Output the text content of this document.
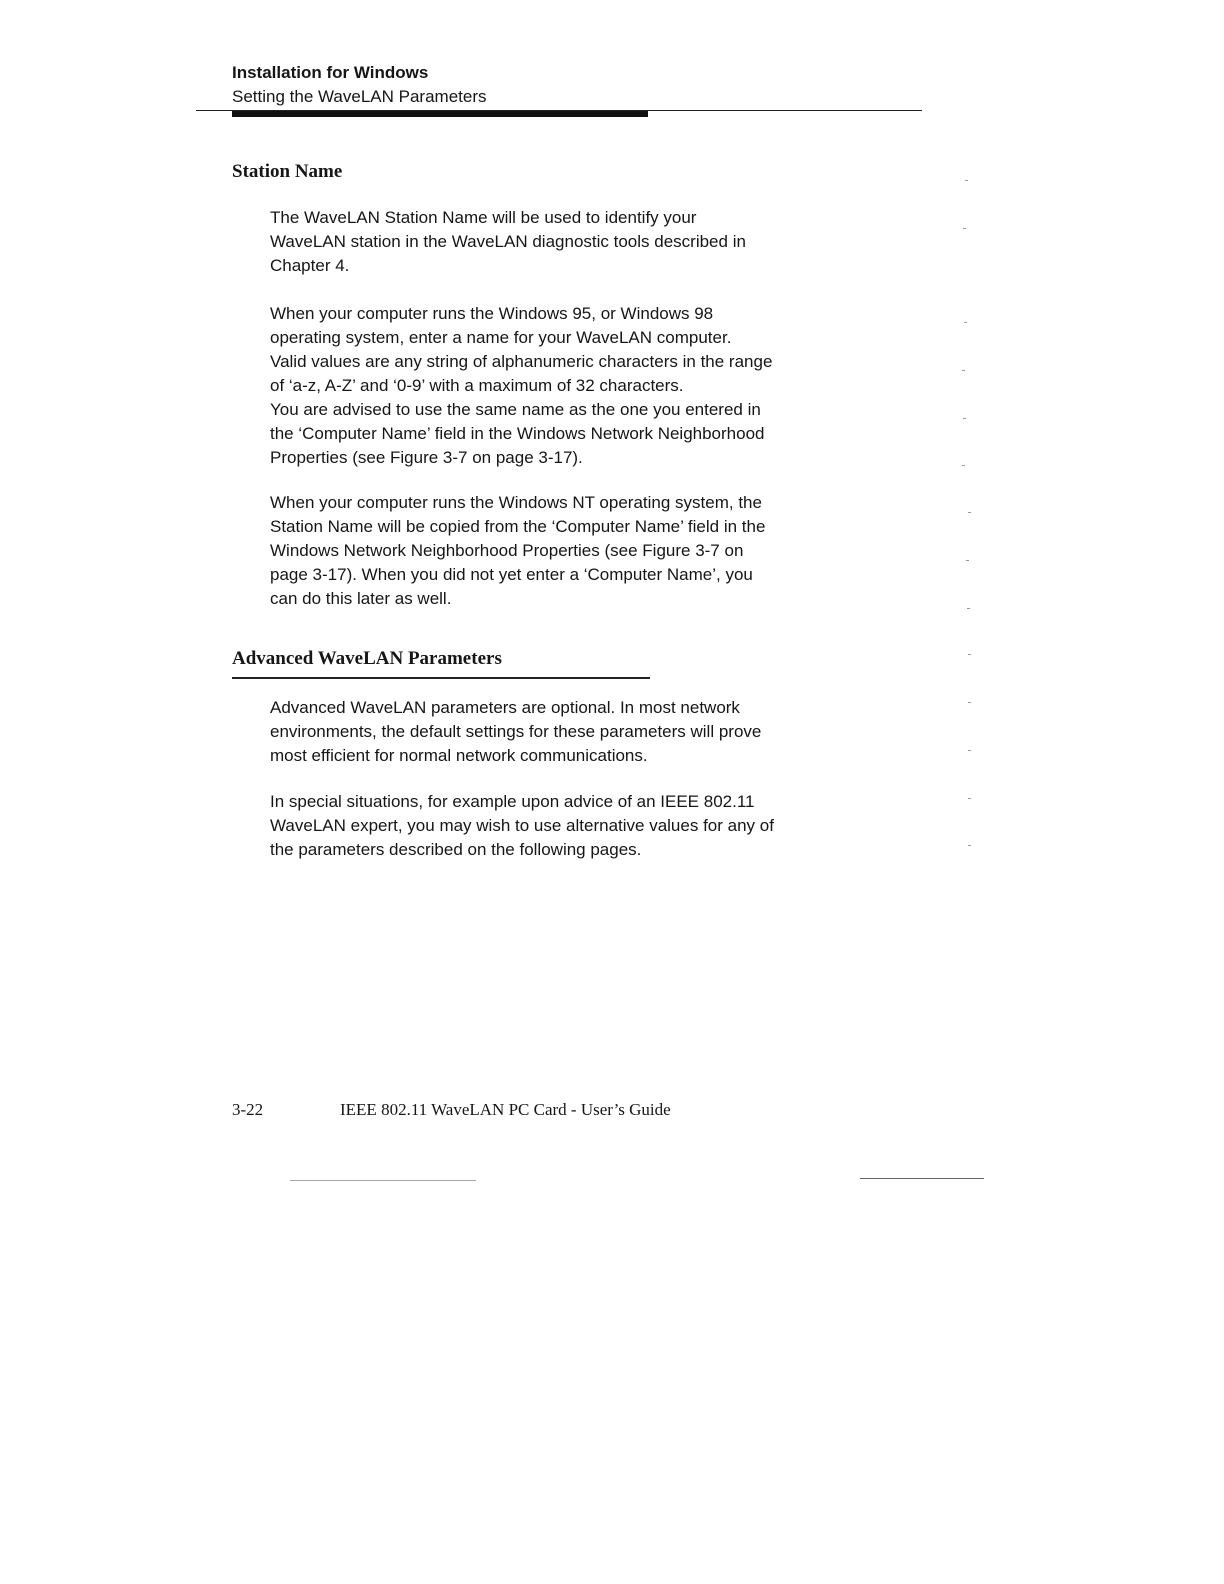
Installation for Windows
Setting the WaveLAN Parameters
Station Name
The WaveLAN Station Name will be used to identify your
WaveLAN station in the WaveLAN diagnostic tools described in
Chapter 4.
When your computer runs the Windows 95, or Windows 98
operating system, enter a name for your WaveLAN computer.
Valid values are any string of alphanumeric characters in the range
of ‘a-z, A-Z’ and ‘0-9’ with a maximum of 32 characters.
You are advised to use the same name as the one you entered in
the ‘Computer Name’ field in the Windows Network Neighborhood
Properties (see Figure 3-7 on page 3-17).
When your computer runs the Windows NT operating system, the
Station Name will be copied from the ‘Computer Name’ field in the
Windows Network Neighborhood Properties (see Figure 3-7 on
page 3-17). When you did not yet enter a ‘Computer Name’, you
can do this later as well.
Advanced WaveLAN Parameters
Advanced WaveLAN parameters are optional. In most network
environments, the default settings for these parameters will prove
most efficient for normal network communications.
In special situations, for example upon advice of an IEEE 802.11
WaveLAN expert, you may wish to use alternative values for any of
the parameters described on the following pages.
3-22	IEEE 802.11 WaveLAN PC Card - User’s Guide
